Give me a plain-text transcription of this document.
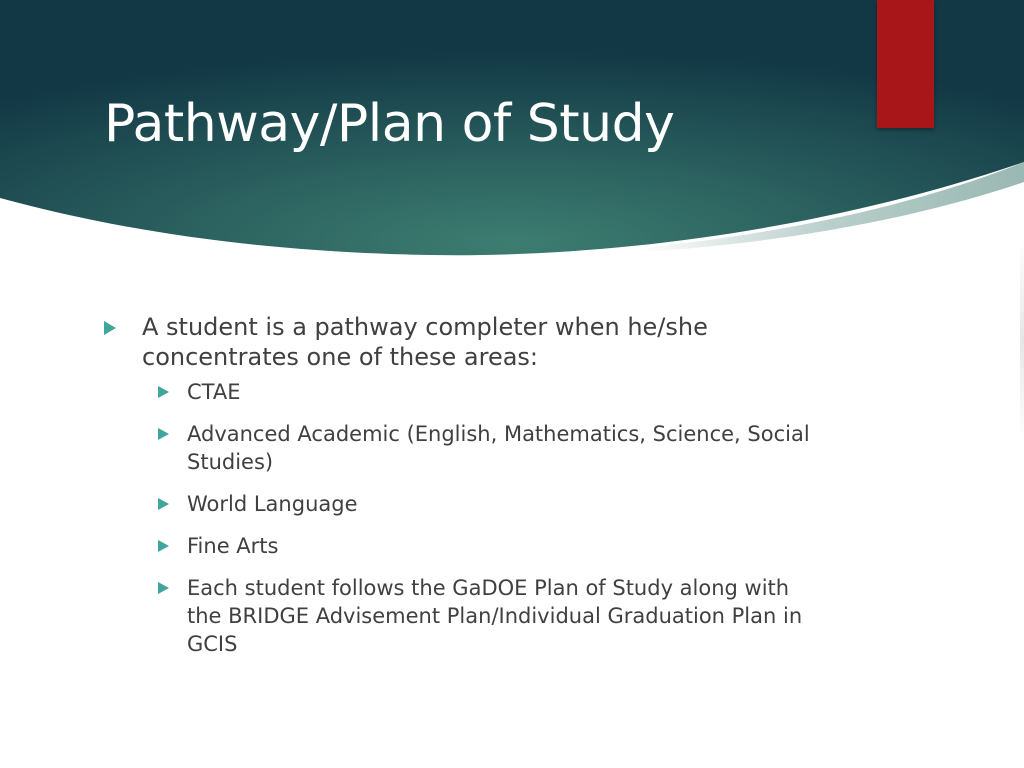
Pathway/Plan of Study
A student is a pathway completer when he/she concentrates one of these areas:
CTAE
Advanced Academic (English, Mathematics, Science, Social Studies)
World Language
Fine Arts
Each student follows the GaDOE Plan of Study along with the BRIDGE Advisement Plan/Individual Graduation Plan in GCIS
